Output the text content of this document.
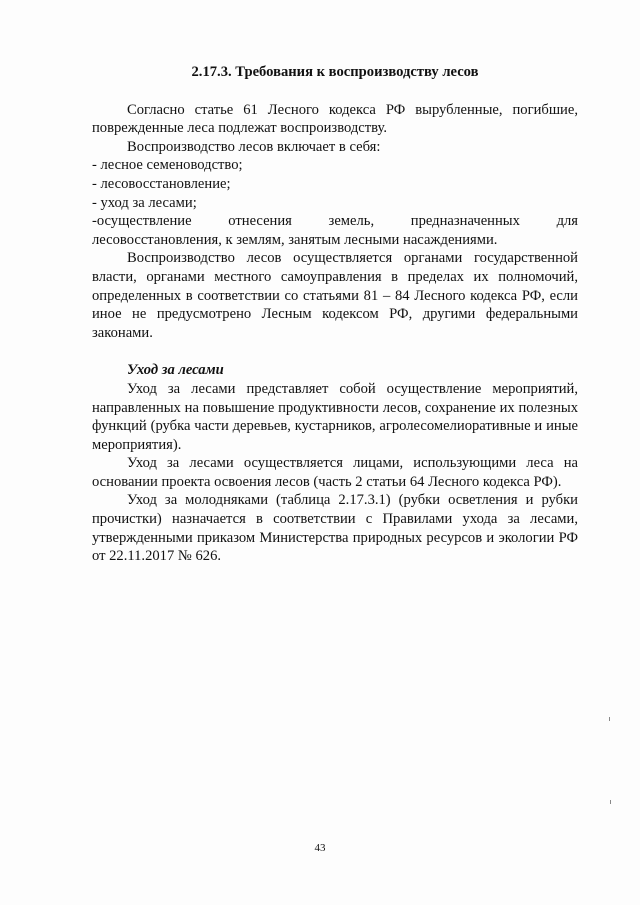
2.17.3. Требования к воспроизводству лесов

Согласно статье 61 Лесного кодекса РФ вырубленные, погибшие, поврежденные леса подлежат воспроизводству.

Воспроизводство лесов включает в себя:

- лесное семеноводство;

- лесовосстановление;

- уход за лесами;

-осуществление отнесения земель, предназначенных для лесовосстановления, к землям, занятым лесными насаждениями.

Воспроизводство лесов осуществляется органами государственной власти, органами местного самоуправления в пределах их полномочий, определенных в соответствии со статьями 81 – 84 Лесного кодекса РФ, если иное не предусмотрено Лесным кодексом РФ, другими федеральными законами.

Уход за лесами

Уход за лесами представляет собой осуществление мероприятий, направленных на повышение продуктивности лесов, сохранение их полезных функций (рубка части деревьев, кустарников, агролесомелиоративные и иные мероприятия).

Уход за лесами осуществляется лицами, использующими леса на основании проекта освоения лесов (часть 2 статьи 64 Лесного кодекса РФ).

Уход за молодняками (таблица 2.17.3.1) (рубки осветления и рубки прочистки) назначается в соответствии с Правилами ухода за лесами, утвержденными приказом Министерства природных ресурсов и экологии РФ от 22.11.2017 № 626.

43
